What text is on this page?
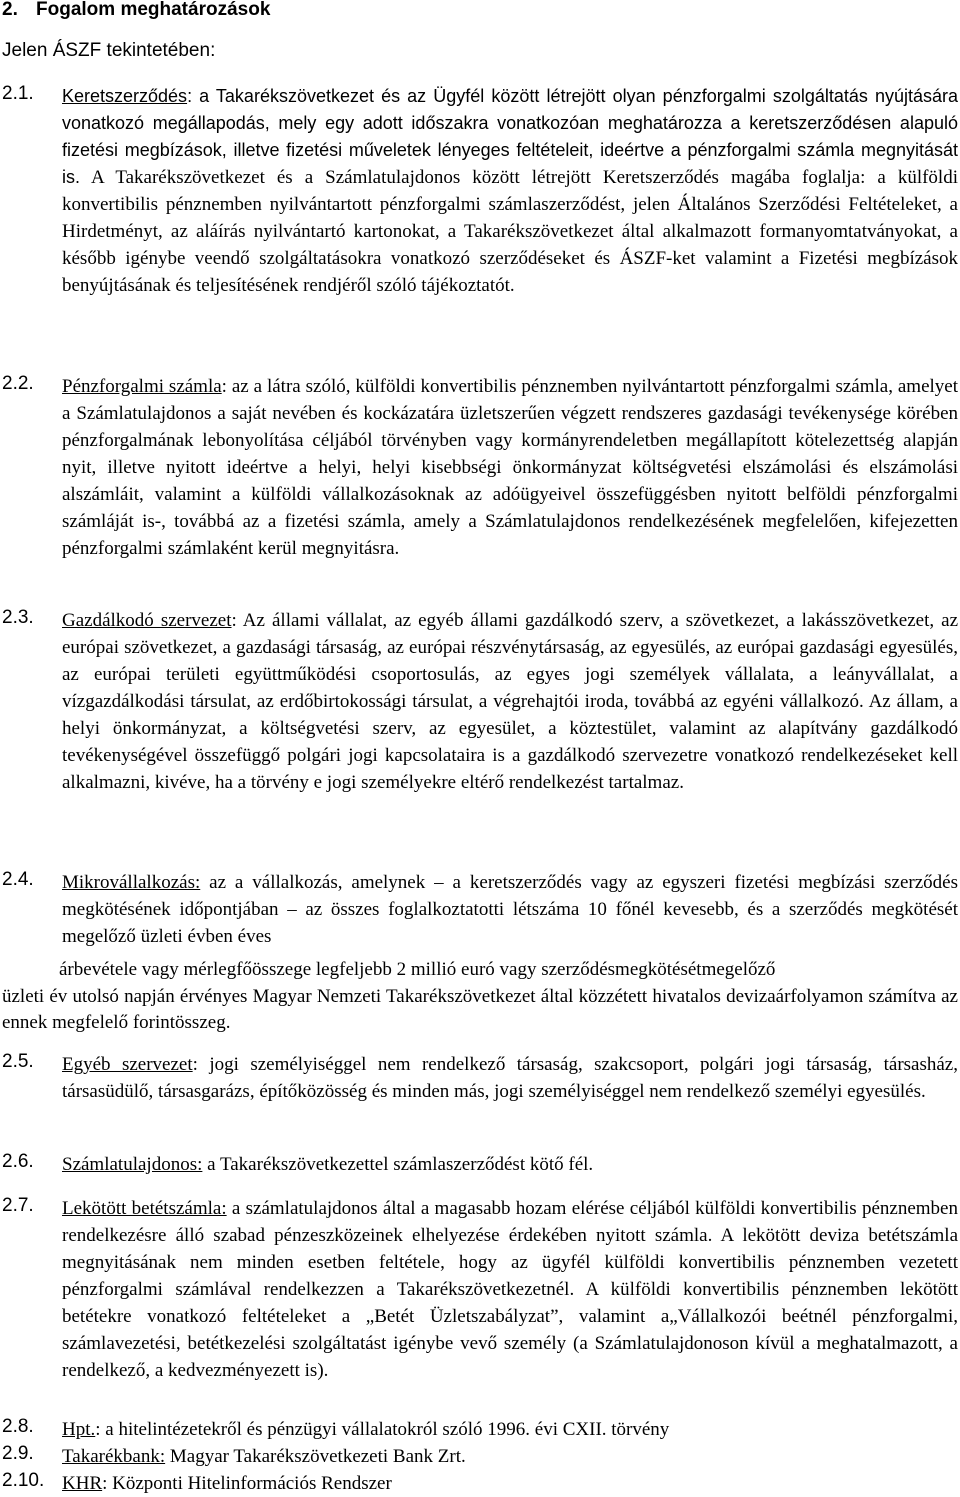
2. Fogalom meghatározások
Jelen ÁSZF tekintetében:
2.1. Keretszerződés: a Takarékszövetkezet és az Ügyfél között létrejött olyan pénzforgalmi szolgáltatás nyújtására vonatkozó megállapodás, mely egy adott időszakra vonatkozóan meghatározza a keretszerződésen alapuló fizetési megbízások, illetve fizetési műveletek lényeges feltételeit, ideértve a pénzforgalmi számla megnyitását is. A Takarékszövetkezet és a Számlatulajdonos között létrejött Keretszerződés magába foglalja: a külföldi konvertibilis pénznemben nyilvántartott pénzforgalmi számlaszerződést, jelen Általános Szerződési Feltételeket, a Hirdetményt, az aláírás nyilvántartó kartonokat, a Takarékszövetkezet által alkalmazott formanyomtatványokat, a később igénybe veendő szolgáltatásokra vonatkozó szerződéseket és ÁSZF-ket valamint a Fizetési megbízások benyújtásának és teljesítésének rendjéről szóló tájékoztatót.
2.2. Pénzforgalmi számla: az a látra szóló, külföldi konvertibilis pénznemben nyilvántartott pénzforgalmi számla, amelyet a Számlatulajdonos a saját nevében és kockázatára üzletszerűen végzett rendszeres gazdasági tevékenysége körében pénzforgalmának lebonyolítása céljából törvényben vagy kormányrendeletben megállapított kötelezettség alapján nyit, illetve nyitott ideértve a helyi, helyi kisebbségi önkormányzat költségvetési elszámolási és elszámolási alszámláit, valamint a külföldi vállalkozásoknak az adóügyeivel összefüggésben nyitott belföldi pénzforgalmi számláját is-, továbbá az a fizetési számla, amely a Számlatulajdonos rendelkezésének megfelelően, kifejezetten pénzforgalmi számlaként kerül megnyitásra.
2.3. Gazdálkodó szervezet: Az állami vállalat, az egyéb állami gazdálkodó szerv, a szövetkezet, a lakásszövetkezet, az európai szövetkezet, a gazdasági társaság, az európai részvénytársaság, az egyesülés, az európai gazdasági egyesülés, az európai területi együttműködési csoportosulás, az egyes jogi személyek vállalata, a leányvállalat, a vízgazdálkodási társulat, az erdőbirtokossági társulat, a végrehajtói iroda, továbbá az egyéni vállalkozó. Az állam, a helyi önkormányzat, a költségvetési szerv, az egyesület, a köztestület, valamint az alapítvány gazdálkodó tevékenységével összefüggő polgári jogi kapcsolataira is a gazdálkodó szervezetre vonatkozó rendelkezéseket kell alkalmazni, kivéve, ha a törvény e jogi személyekre eltérő rendelkezést tartalmaz.
2.4. Mikrovállalkozás: az a vállalkozás, amelynek – a keretszerződés vagy az egyszeri fizetési megbízási szerződés megkötésének időpontjában – az összes foglalkoztatotti létszáma 10 főnél kevesebb, és a szerződés megkötését megelőző üzleti évben éves
árbevétele vagy mérlegfőösszege legfeljebb 2 millió euró vagy szerződésmegkötésétmegelőző
üzleti év utolsó napján érvényes Magyar Nemzeti Takarékszövetkezet által közzétett hivatalos devizaárfolyamon számítva az ennek megfelelő forintösszeg.
2.5. Egyéb szervezet: jogi személyiséggel nem rendelkező társaság, szakcsoport, polgári jogi társaság, társasház, társasüdülő, társasgarázs, építőközösség és minden más, jogi személyiséggel nem rendelkező személyi egyesülés.
2.6. Számlatulajdonos: a Takarékszövetkezettel számlaszerződést kötő fél.
2.7. Lekötött betétszámla: a számlatulajdonos által a magasabb hozam elérése céljából külföldi konvertibilis pénznemben rendelkezésre álló szabad pénzeszközeinek elhelyezése érdekében nyitott számla. A lekötött deviza betétszámla megnyitásának nem minden esetben feltétele, hogy az ügyfél külföldi konvertibilis pénznemben vezetett pénzforgalmi számlával rendelkezzen a Takarékszövetkezetnél. A külföldi konvertibilis pénznemben lekötött betétekre vonatkozó feltételeket a „Betét Üzletszabályzat”, valamint a„Vállalkozói beétnél pénzforgalmi, számlavezetési, betétkezelési szolgáltatást igénybe vevő személy (a Számlatulajdonoson kívül a meghatalmazott, a rendelkező, a kedvezményezett is).
2.8. Hpt.: a hitelintézetekről és pénzügyi vállalatokról szóló 1996. évi CXII. törvény
2.9. Takarékbank: Magyar Takarékszövetkezeti Bank Zrt.
2.10. KHR: Központi Hitelinformációs Rendszer
